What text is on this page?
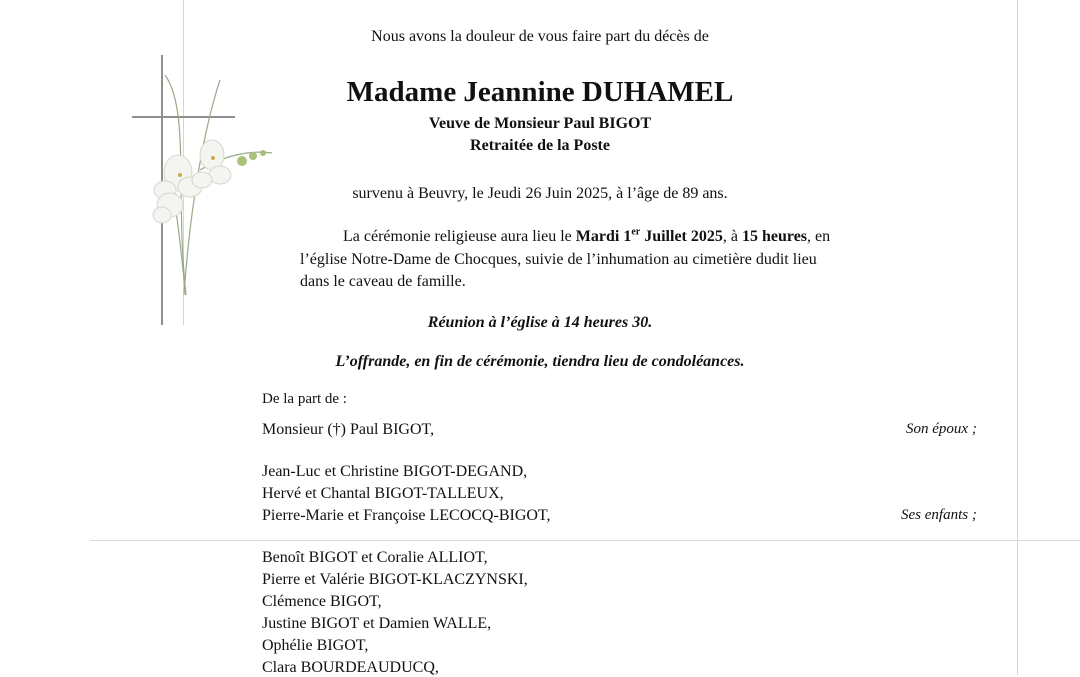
Nous avons la douleur de vous faire part du décès de
Madame Jeannine DUHAMEL
Veuve de Monsieur Paul BIGOT
Retraitée de la Poste
survenu à Beuvry, le Jeudi 26 Juin 2025, à l’âge de 89 ans.
La cérémonie religieuse aura lieu le Mardi 1er Juillet 2025, à 15 heures, en
l’église Notre-Dame de Chocques, suivie de l’inhumation au cimetière dudit lieu
dans le caveau de famille.
Réunion à l’église à 14 heures 30.
L’offrande, en fin de cérémonie, tiendra lieu de condoléances.
De la part de :
Monsieur (†) Paul BIGOT,	Son époux ;
Jean-Luc et Christine BIGOT-DEGAND,
Hervé et Chantal BIGOT-TALLEUX,
Pierre-Marie et Françoise LECOCQ-BIGOT,	Ses enfants ;
Benoît BIGOT et Coralie ALLIOT,
Pierre et Valérie BIGOT-KLACZYNSKI,
Clémence BIGOT,
Justine BIGOT et Damien WALLE,
Ophélie BIGOT,
Clara BOURDEAUDUCQ,
